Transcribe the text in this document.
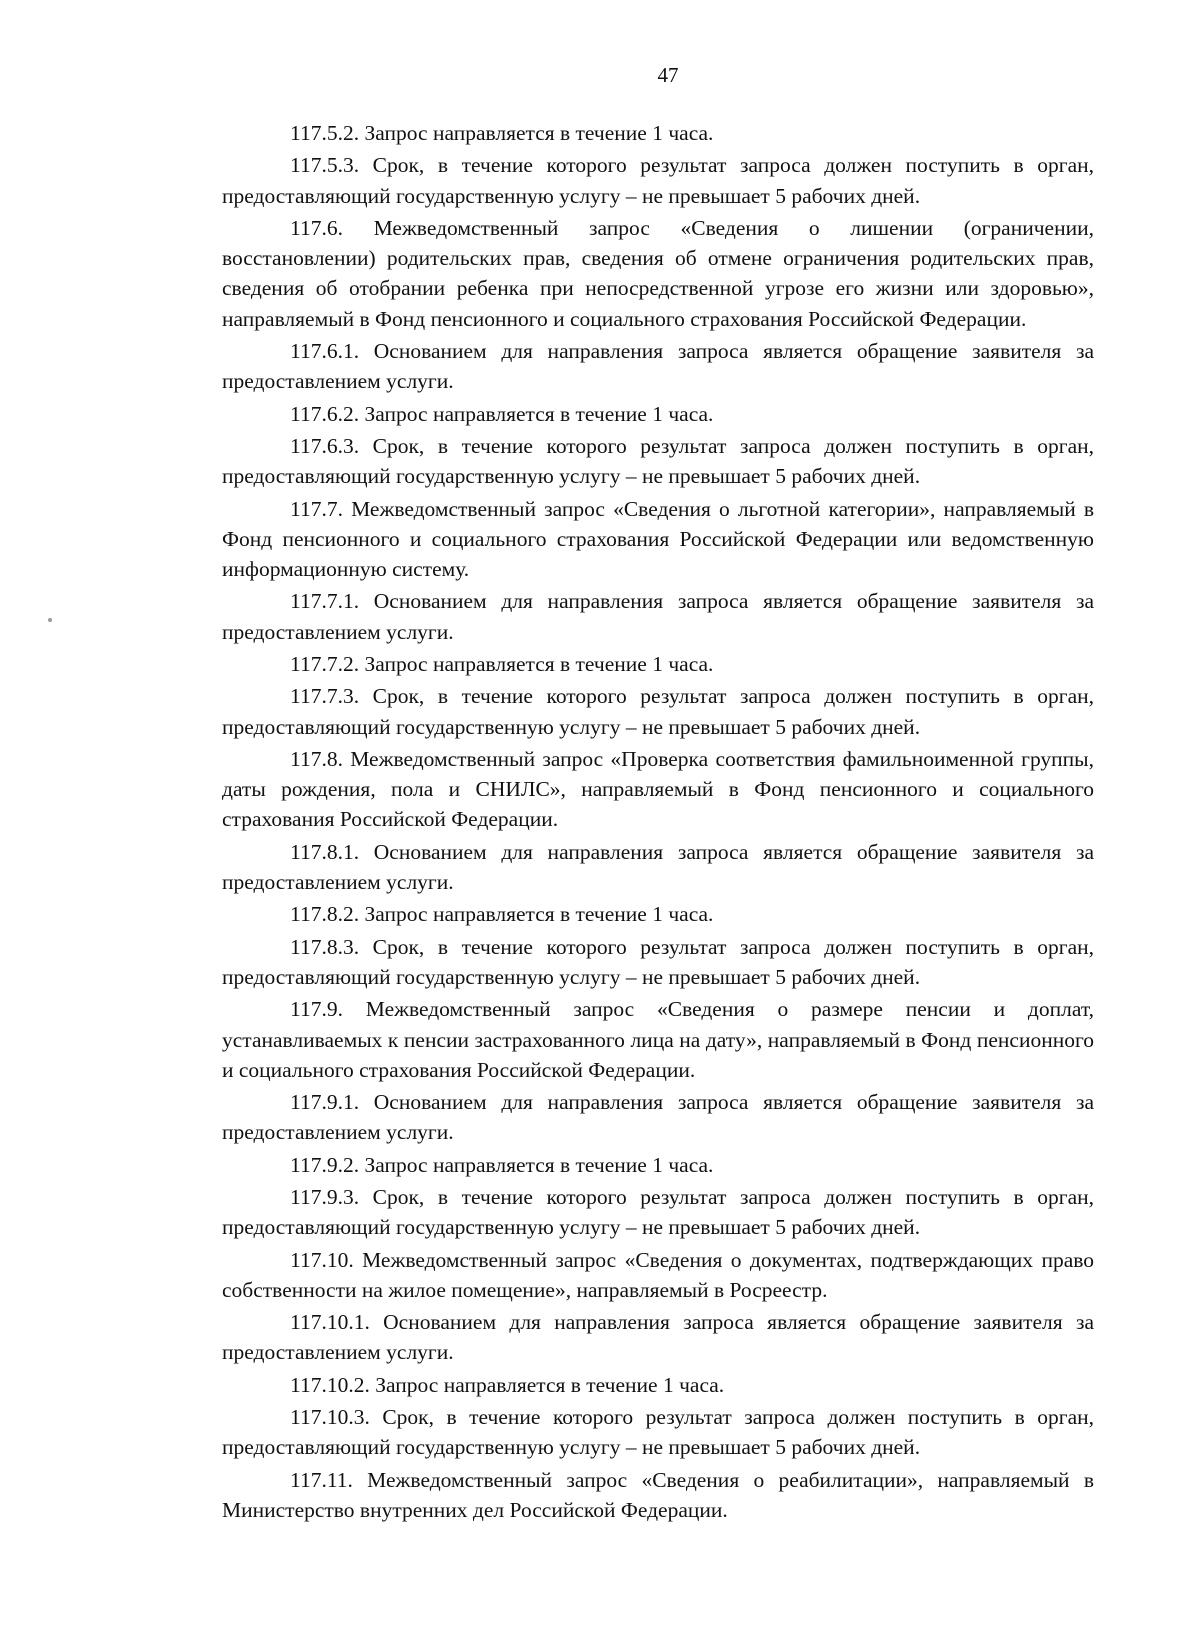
47

117.5.2. Запрос направляется в течение 1 часа.

117.5.3. Срок, в течение которого результат запроса должен поступить в орган, предоставляющий государственную услугу – не превышает 5 рабочих дней.

117.6. Межведомственный запрос «Сведения о лишении (ограничении, восстановлении) родительских прав, сведения об отмене ограничения родительских прав, сведения об отобрании ребенка при непосредственной угрозе его жизни или здоровью», направляемый в Фонд пенсионного и социального страхования Российской Федерации.

117.6.1. Основанием для направления запроса является обращение заявителя за предоставлением услуги.

117.6.2. Запрос направляется в течение 1 часа.

117.6.3. Срок, в течение которого результат запроса должен поступить в орган, предоставляющий государственную услугу – не превышает 5 рабочих дней.

117.7. Межведомственный запрос «Сведения о льготной категории», направляемый в Фонд пенсионного и социального страхования Российской Федерации или ведомственную информационную систему.

117.7.1. Основанием для направления запроса является обращение заявителя за предоставлением услуги.

117.7.2. Запрос направляется в течение 1 часа.

117.7.3. Срок, в течение которого результат запроса должен поступить в орган, предоставляющий государственную услугу – не превышает 5 рабочих дней.

117.8. Межведомственный запрос «Проверка соответствия фамильноименной группы, даты рождения, пола и СНИЛС», направляемый в Фонд пенсионного и социального страхования Российской Федерации.

117.8.1. Основанием для направления запроса является обращение заявителя за предоставлением услуги.

117.8.2. Запрос направляется в течение 1 часа.

117.8.3. Срок, в течение которого результат запроса должен поступить в орган, предоставляющий государственную услугу – не превышает 5 рабочих дней.

117.9. Межведомственный запрос «Сведения о размере пенсии и доплат, устанавливаемых к пенсии застрахованного лица на дату», направляемый в Фонд пенсионного и социального страхования Российской Федерации.

117.9.1. Основанием для направления запроса является обращение заявителя за предоставлением услуги.

117.9.2. Запрос направляется в течение 1 часа.

117.9.3. Срок, в течение которого результат запроса должен поступить в орган, предоставляющий государственную услугу – не превышает 5 рабочих дней.

117.10. Межведомственный запрос «Сведения о документах, подтверждающих право собственности на жилое помещение», направляемый в Росреестр.

117.10.1. Основанием для направления запроса является обращение заявителя за предоставлением услуги.

117.10.2. Запрос направляется в течение 1 часа.

117.10.3. Срок, в течение которого результат запроса должен поступить в орган, предоставляющий государственную услугу – не превышает 5 рабочих дней.

117.11. Межведомственный запрос «Сведения о реабилитации», направляемый в Министерство внутренних дел Российской Федерации.
